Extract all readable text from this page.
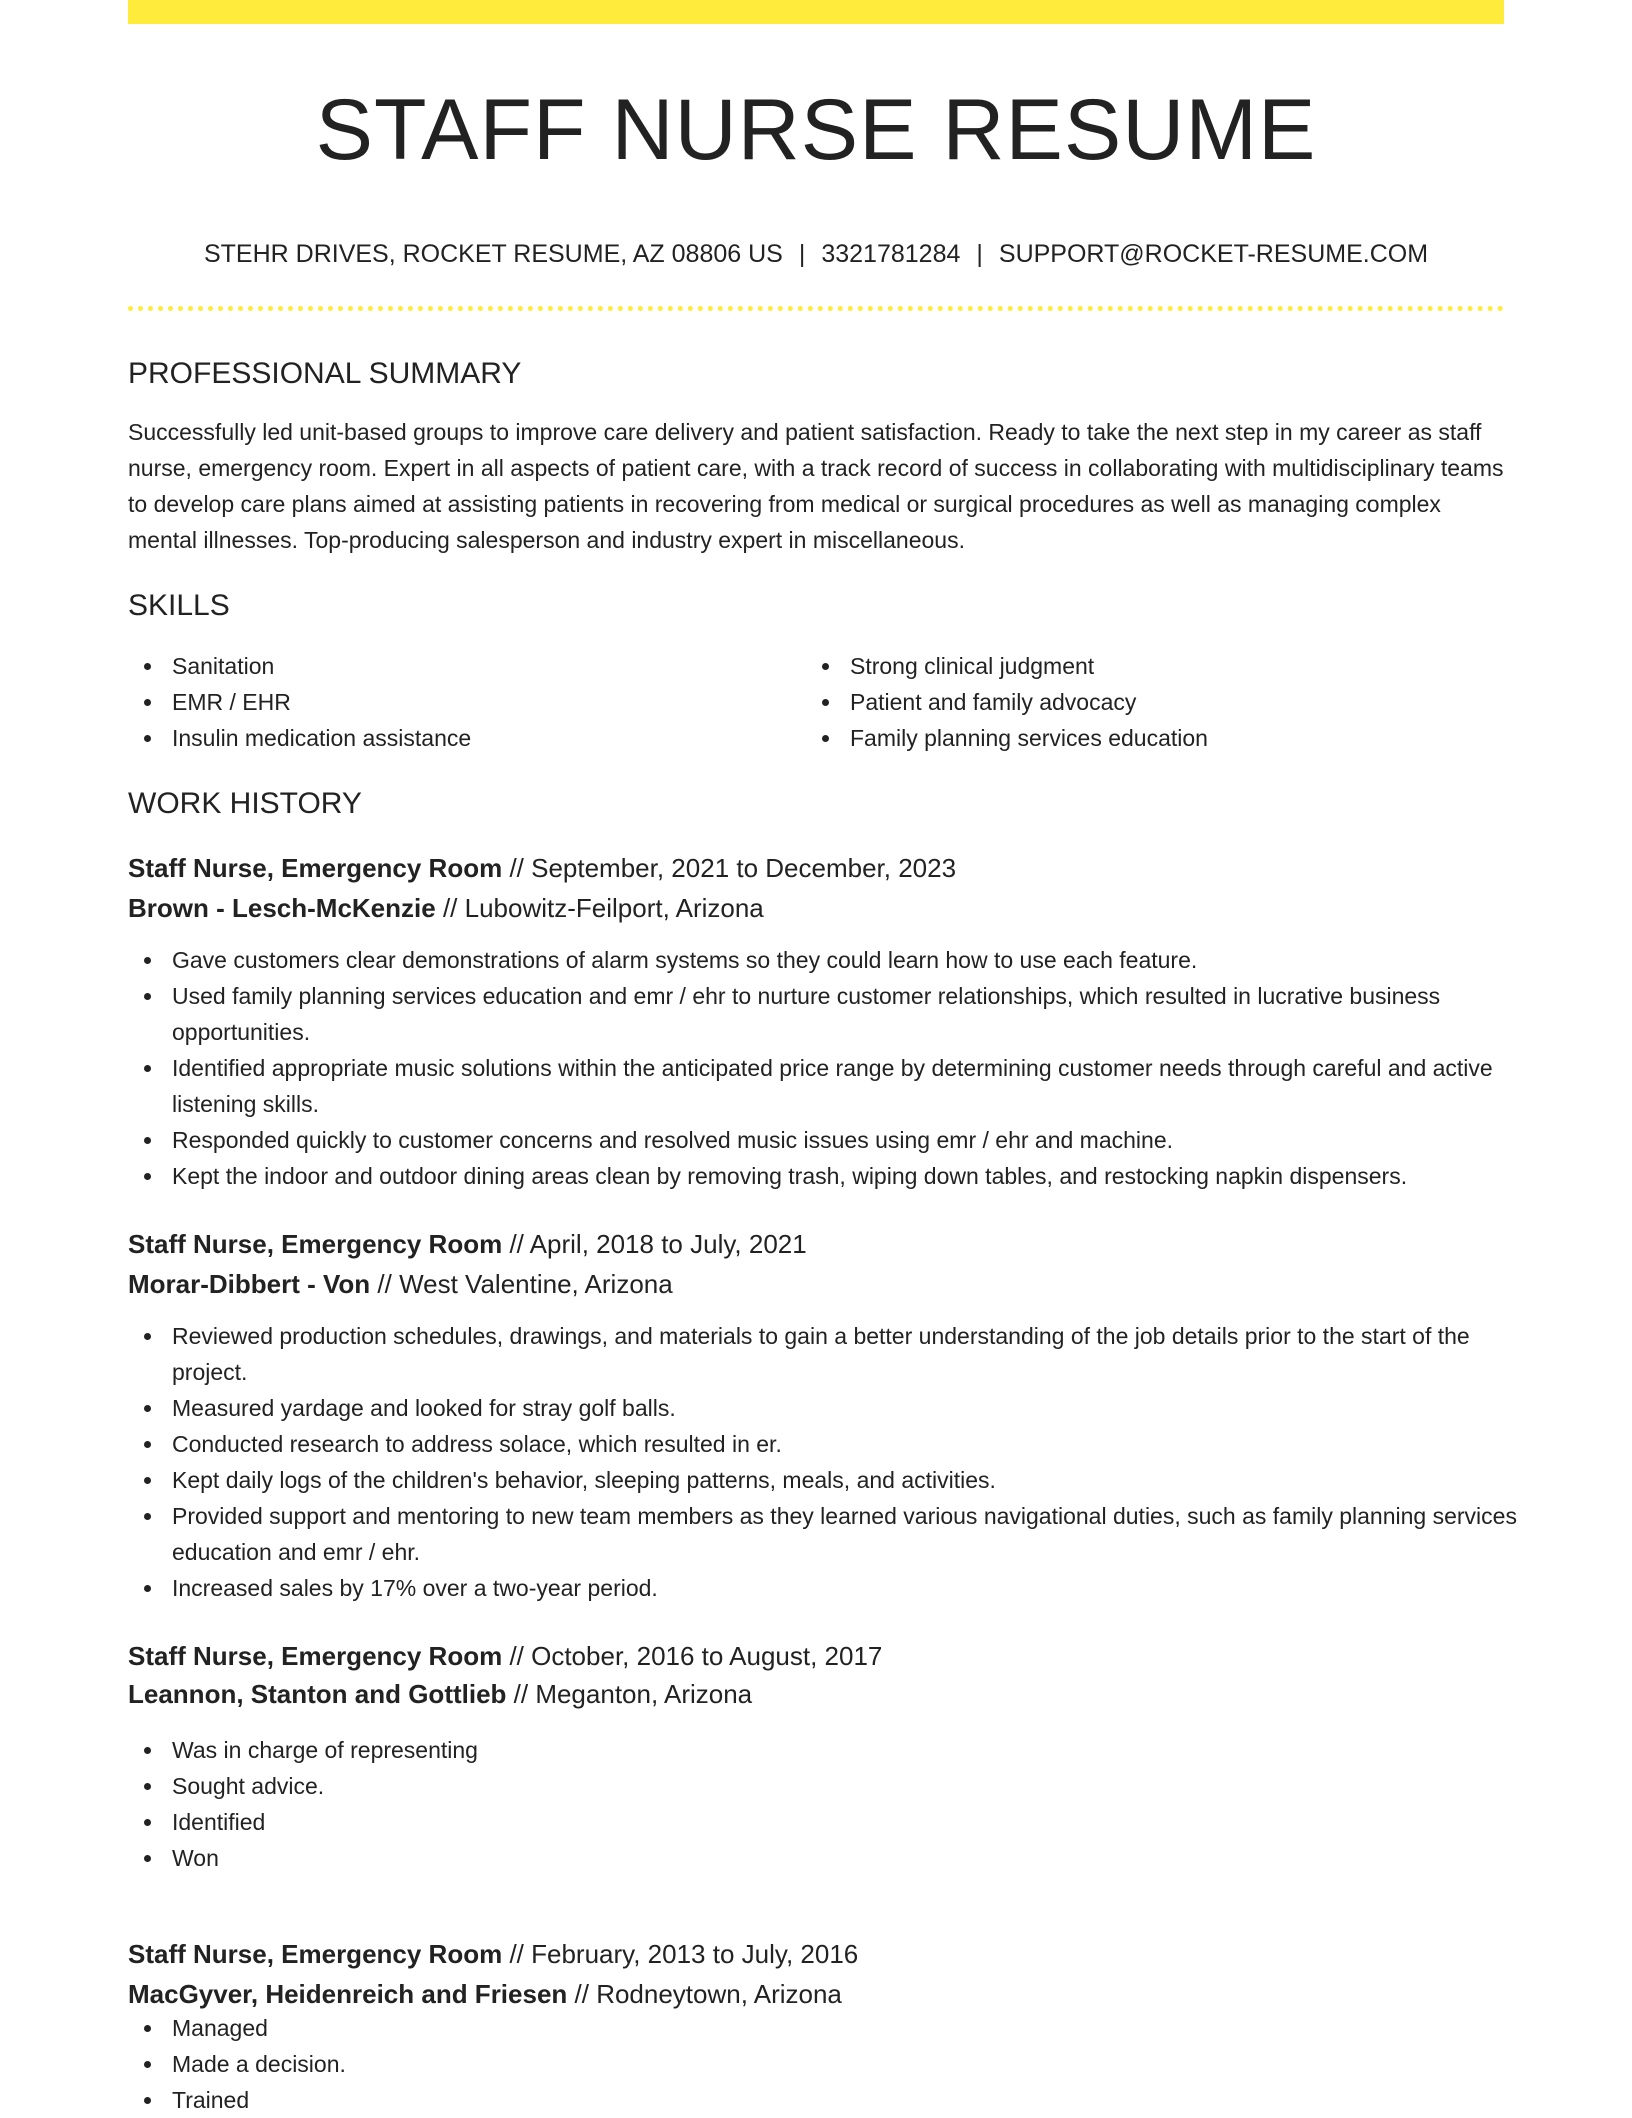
STAFF NURSE RESUME
STEHR DRIVES, ROCKET RESUME, AZ 08806 US | 3321781284 | SUPPORT@ROCKET-RESUME.COM
PROFESSIONAL SUMMARY

Successfully led unit-based groups to improve care delivery and patient satisfaction. Ready to take the next step in my career as staff nurse, emergency room. Expert in all aspects of patient care, with a track record of success in collaborating with multidisciplinary teams to develop care plans aimed at assisting patients in recovering from medical or surgical procedures as well as managing complex mental illnesses. Top-producing salesperson and industry expert in miscellaneous.

SKILLS
Sanitation
EMR / EHR
Insulin medication assistance
Strong clinical judgment
Patient and family advocacy
Family planning services education
WORK HISTORY
Staff Nurse, Emergency Room // September, 2021 to December, 2023
Brown - Lesch-McKenzie // Lubowitz-Feilport, Arizona
Gave customers clear demonstrations of alarm systems so they could learn how to use each feature.
Used family planning services education and emr / ehr to nurture customer relationships, which resulted in lucrative business opportunities.
Identified appropriate music solutions within the anticipated price range by determining customer needs through careful and active listening skills.
Responded quickly to customer concerns and resolved music issues using emr / ehr and machine.
Kept the indoor and outdoor dining areas clean by removing trash, wiping down tables, and restocking napkin dispensers.
Staff Nurse, Emergency Room // April, 2018 to July, 2021
Morar-Dibbert - Von // West Valentine, Arizona
Reviewed production schedules, drawings, and materials to gain a better understanding of the job details prior to the start of the project.
Measured yardage and looked for stray golf balls.
Conducted research to address solace, which resulted in er.
Kept daily logs of the children's behavior, sleeping patterns, meals, and activities.
Provided support and mentoring to new team members as they learned various navigational duties, such as family planning services education and emr / ehr.
Increased sales by 17% over a two-year period.
Staff Nurse, Emergency Room // October, 2016 to August, 2017
Leannon, Stanton and Gottlieb // Meganton, Arizona
Was in charge of representing
Sought advice.
Identified
Won
Staff Nurse, Emergency Room // February, 2013 to July, 2016
MacGyver, Heidenreich and Friesen // Rodneytown, Arizona
Managed
Made a decision.
Trained
